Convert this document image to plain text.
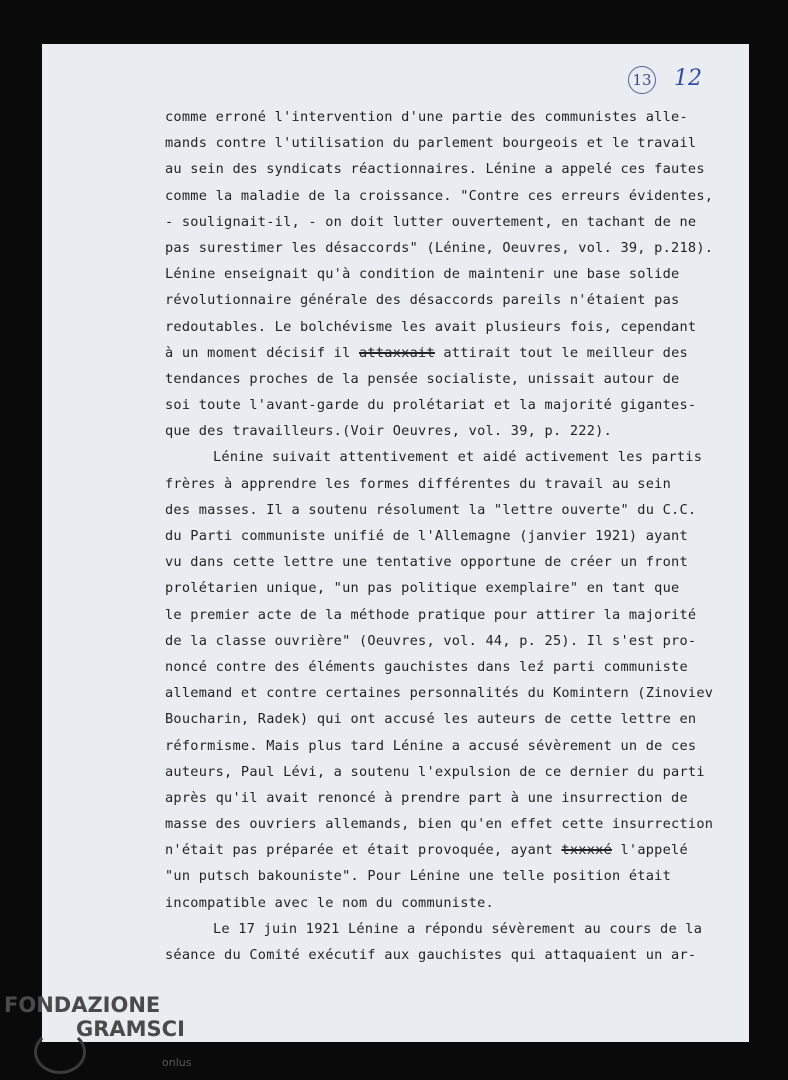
13 12
comme erroné l'intervention d'une partie des communistes alle-
mands contre l'utilisation du parlement bourgeois et le travail
au sein des syndicats réactionnaires. Lénine a appelé ces fautes
comme la maladie de la croissance. "Contre ces erreurs évidentes,
- soulignait-il, - on doit lutter ouvertement, en tachant de ne
pas surestimer les désaccords" (Lénine, Oeuvres, vol. 39, p.218).
Lénine enseignait qu'à condition de maintenir une base solide
révolutionnaire générale des désaccords pareils n'étaient pas
redoutables. Le bolchévisme les avait plusieurs fois, cependant
à un moment décisif il attaxxait attirait tout le meilleur des
tendances proches de la pensée socialiste, unissait autour de
soi toute l'avant-garde du prolétariat et la majorité gigantes-
que des travailleurs.(Voir Oeuvres, vol. 39, p. 222).
Lénine suivait attentivement et aidé activement les partis
frères à apprendre les formes différentes du travail au sein
des masses. Il a soutenu résolument la "lettre ouverte" du C.C.
du Parti communiste unifié de l'Allemagne (janvier 1921) ayant
vu dans cette lettre une tentative opportune de créer un front
prolétarien unique, "un pas politique exemplaire" en tant que
le premier acte de la méthode pratique pour attirer la majorité
de la classe ouvrière" (Oeuvres, vol. 44, p. 25). Il s'est pro-
noncé contre des éléments gauchistes dans leź parti communiste
allemand et contre certaines personnalités du Komintern (Zinoviev
Boucharin, Radek) qui ont accusé les auteurs de cette lettre en
réformisme. Mais plus tard Lénine a accusé sévèrement un de ces
auteurs, Paul Lévi, a soutenu l'expulsion de ce dernier du parti
après qu'il avait renoncé à prendre part à une insurrection de
masse des ouvriers allemands, bien qu'en effet cette insurrection
n'était pas préparée et était provoquée, ayant txxxxé l'appelé
"un putsch bakouniste". Pour Lénine une telle position était
incompatible avec le nom du communiste.
Le 17 juin 1921 Lénine a répondu sévèrement au cours de la
séance du Comité exécutif aux gauchistes qui attaquaient un ar-
FONDAZIONE
GRAMSCI
onlus
